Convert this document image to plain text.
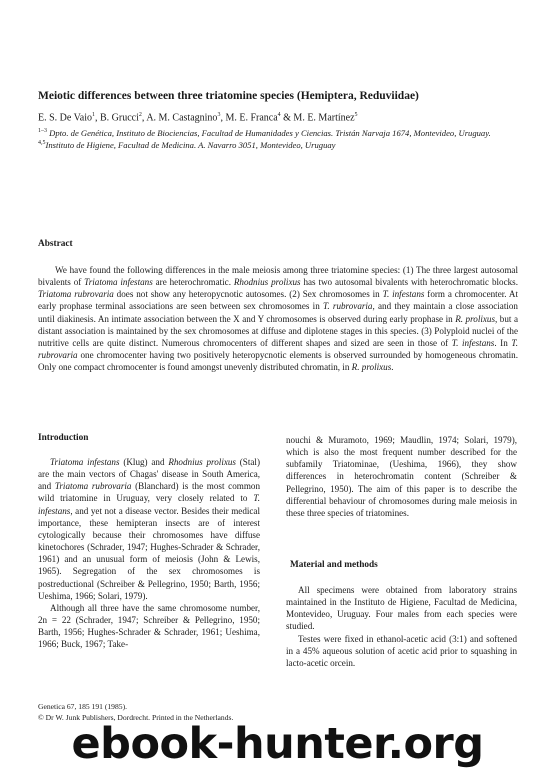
Meiotic differences between three triatomine species (Hemiptera, Reduviidae)
E. S. De Vaio$^1$, B. Grucci$^2$, A. M. Castagnino$^3$, M. E. Franca$^4$ & M. E. Martínez$^5$
$^{1-3}$ Dpto. de Genética, Instituto de Biociencias, Facultad de Humanidades y Ciencias. Tristán Narvaja 1674, Montevideo, Uruguay. $^{4,5}$Instituto de Higiene, Facultad de Medicina. A. Navarro 3051, Montevideo, Uruguay
Abstract
We have found the following differences in the male meiosis among three triatomine species: (1) The three largest autosomal bivalents of Triatoma infestans are heterochromatic. Rhodnius prolixus has two autosomal bivalents with heterochromatic blocks. Triatoma rubrovaria does not show any heteropycnotic autosomes. (2) Sex chromosomes in T. infestans form a chromocenter. At early prophase terminal associations are seen between sex chromosomes in T. rubrovaria, and they maintain a close association until diakinesis. An intimate association between the X and Y chromosomes is observed during early prophase in R. prolixus, but a distant association is maintained by the sex chromosomes at diffuse and diplotene stages in this species. (3) Polyploid nuclei of the nutritive cells are quite distinct. Numerous chromocenters of different shapes and sized are seen in those of T. infestans. In T. rubrovaria one chromocenter having two positively heteropycnotic elements is observed surrounded by homogeneous chromatin. Only one compact chromocenter is found amongst unevenly distributed chromatin, in R. prolixus.
Introduction

Triatoma infestans (Klug) and Rhodnius prolixus (Stal) are the main vectors of Chagas' disease in South America, and Triatoma rubrovaria (Blanchard) is the most common wild triatomine in Uruguay, very closely related to T. infestans, and yet not a disease vector. Besides their medical importance, these hemipteran insects are of interest cytologically because their chromosomes have diffuse kinetochores (Schrader, 1947; Hughes-Schrader & Schrader, 1961) and an unusual form of meiosis (John & Lewis, 1965). Segregation of the sex chromosomes is postreductional (Schreiber & Pellegrino, 1950; Barth, 1956; Ueshima, 1966; Solari, 1979).

Although all three have the same chromosome number, 2n = 22 (Schrader, 1947; Schreiber & Pellegrino, 1950; Barth, 1956; Hughes-Schrader & Schrader, 1961; Ueshima, 1966; Buck, 1967; Take-

nouchi & Muramoto, 1969; Maudlin, 1974; Solari, 1979), which is also the most frequent number described for the subfamily Triatominae, (Ueshima, 1966), they show differences in heterochromatin content (Schreiber & Pellegrino, 1950). The aim of this paper is to describe the differential behaviour of chromosomes during male meiosis in these three species of triatomines.

Material and methods

All specimens were obtained from laboratory strains maintained in the Instituto de Higiene, Facultad de Medicina, Montevideo, Uruguay. Four males from each species were studied.

Testes were fixed in ethanol-acetic acid (3:1) and softened in a 45% aqueous solution of acetic acid prior to squashing in lacto-acetic orcein.

Genetica 67, 185 191 (1985).
© Dr W. Junk Publishers, Dordrecht. Printed in the Netherlands.
ebook-hunter.org
